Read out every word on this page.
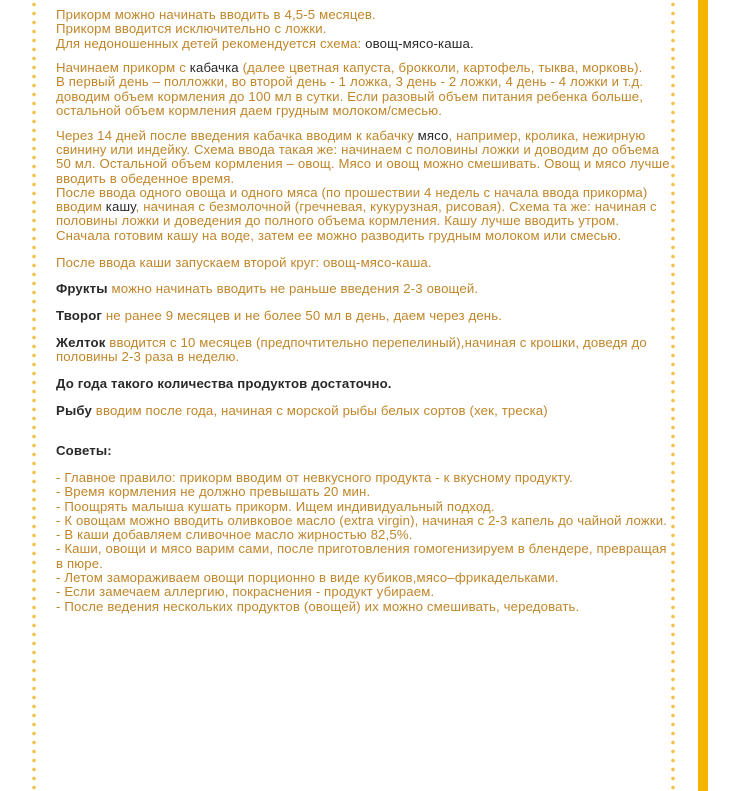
Прикорм можно начинать вводить в 4,5-5 месяцев.

Прикорм вводится исключительно с ложки.

Для недоношенных детей рекомендуется схема: овощ-мясо-каша.

Начинаем прикорм с кабачка (далее цветная капуста, брокколи, картофель, тыква, морковь).

В первый день – полложки, во второй день - 1 ложка, 3 день - 2 ложки, 4 день - 4 ложки и т.д. доводим объем кормления до 100 мл в сутки. Если разовый объем питания ребенка больше, остальной объем кормления даем грудным молоком/смесью.

Через 14 дней после введения кабачка вводим к кабачку мясо, например, кролика, нежирную свинину или индейку. Схема ввода такая же: начинаем с половины ложки и доводим до объема 50 мл. Остальной объем кормления – овощ. Мясо и овощ можно смешивать. Овощ и мясо лучше вводить в обеденное время.

После ввода одного овоща и одного мяса (по прошествии 4 недель с начала ввода прикорма) вводим кашу, начиная с безмолочной (гречневая, кукурузная, рисовая). Схема та же: начиная с половины ложки и доведения до полного объема кормления. Кашу лучше вводить утром. Сначала готовим кашу на воде, затем ее можно разводить грудным молоком или смесью.

После ввода каши запускаем второй круг: овощ-мясо-каша.

Фрукты можно начинать вводить не раньше введения 2-3 овощей.

Творог не ранее 9 месяцев и не более 50 мл в день, даем через день.

Желток вводится с 10 месяцев (предпочтительно перепелиный),начиная с крошки, доведя до половины 2-3 раза в неделю.

До года такого количества продуктов достаточно.

Рыбу вводим после года, начиная с морской рыбы белых сортов (хек, треска)

Советы:

- Главное правило: прикорм вводим от невкусного продукта - к вкусному продукту.
- Время кормления не должно превышать 20 мин.
- Поощрять малыша кушать прикорм. Ищем индивидуальный подход.
- К овощам можно вводить оливковое масло (extra virgin), начиная с 2-3 капель до чайной ложки.
- В каши добавляем сливочное масло жирностью 82,5%.
- Каши, овощи и мясо варим сами, после приготовления гомогенизируем в блендере, превращая в пюре.
- Летом замораживаем овощи порционно в виде кубиков,мясо–фрикадельками.
- Если замечаем аллергию, покраснения - продукт убираем.
- После ведения нескольких продуктов (овощей) их можно смешивать, чередовать.
